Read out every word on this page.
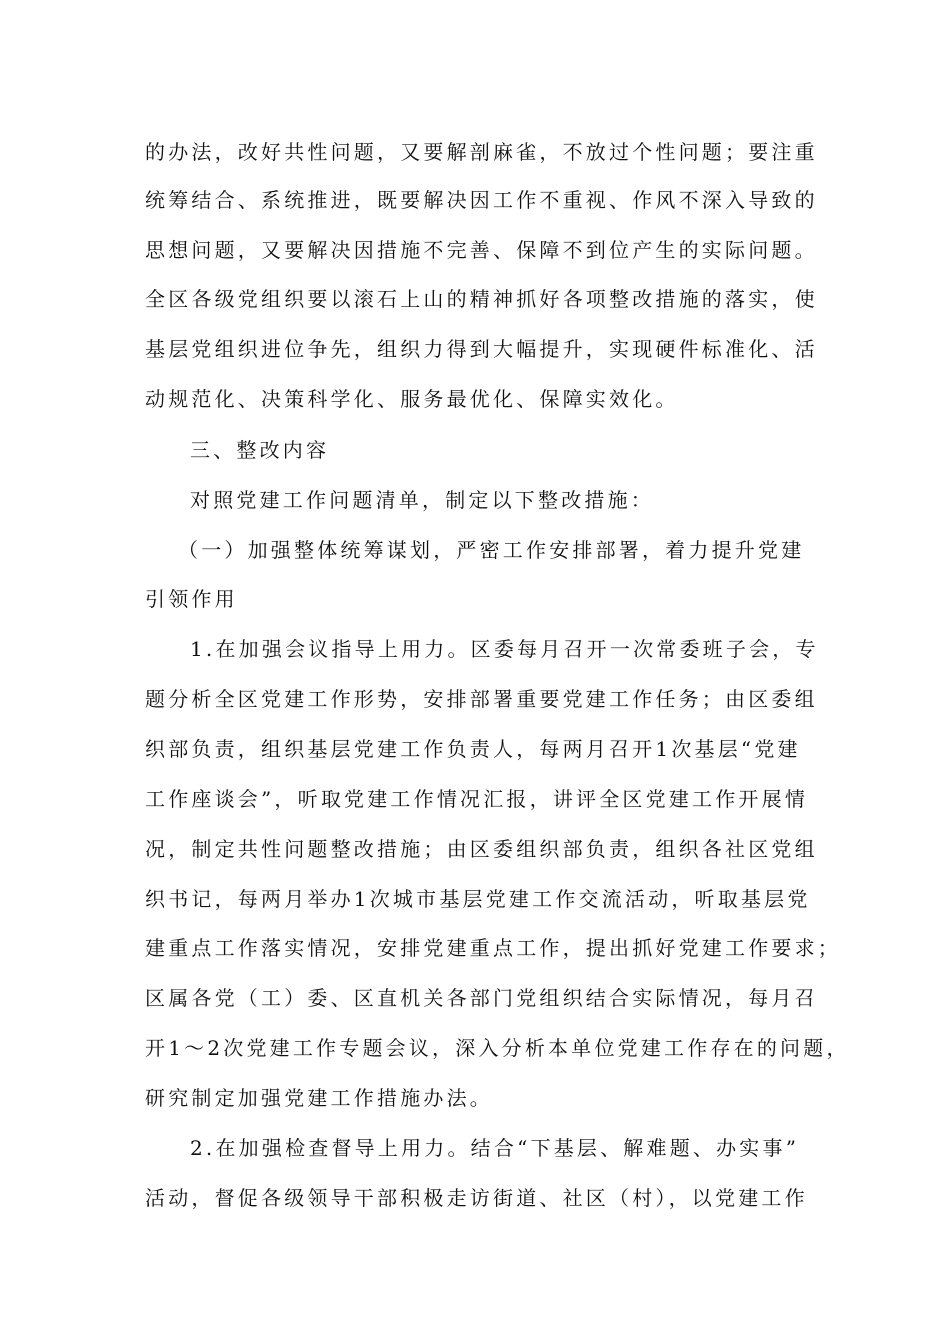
的办法，改好共性问题，又要解剖麻雀，不放过个性问题；要注重
统筹结合、系统推进，既要解决因工作不重视、作风不深入导致的
思想问题，又要解决因措施不完善、保障不到位产生的实际问题。
全区各级党组织要以滚石上山的精神抓好各项整改措施的落实，使
基层党组织进位争先，组织力得到大幅提升，实现硬件标准化、活
动规范化、决策科学化、服务最优化、保障实效化。
三、整改内容
对照党建工作问题清单，制定以下整改措施：
（一）加强整体统筹谋划，严密工作安排部署，着力提升党建
引领作用
1.在加强会议指导上用力。区委每月召开一次常委班子会，专
题分析全区党建工作形势，安排部署重要党建工作任务；由区委组
织部负责，组织基层党建工作负责人，每两月召开1次基层“党建
工作座谈会”，听取党建工作情况汇报，讲评全区党建工作开展情
况，制定共性问题整改措施；由区委组织部负责，组织各社区党组
织书记，每两月举办1次城市基层党建工作交流活动，听取基层党
建重点工作落实情况，安排党建重点工作，提出抓好党建工作要求；
区属各党（工）委、区直机关各部门党组织结合实际情况，每月召
开1～2次党建工作专题会议，深入分析本单位党建工作存在的问题，
研究制定加强党建工作措施办法。
2.在加强检查督导上用力。结合“下基层、解难题、办实事”
活动，督促各级领导干部积极走访街道、社区（村），以党建工作
